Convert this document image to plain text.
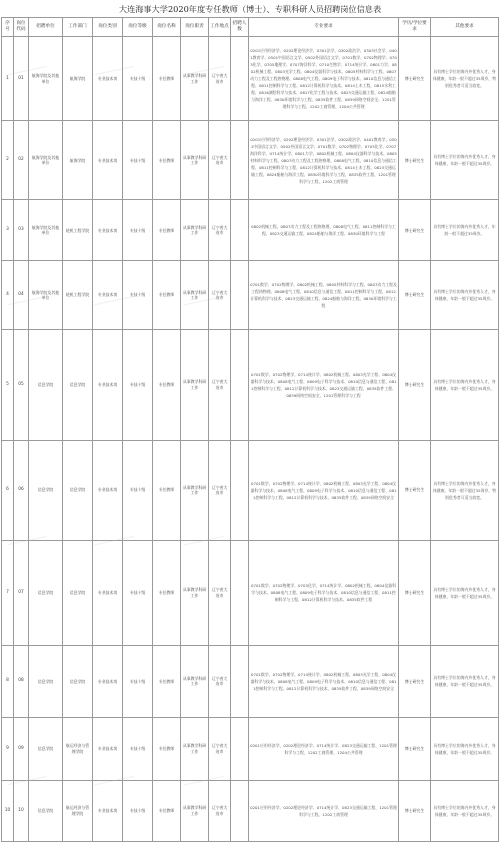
大连海事大学2020年度专任教师（博士）、专职科研人员招聘岗位信息表
序号	岗位代码	招聘单位	工作部门	岗位类别	岗位等级	岗位名称	岗位职责	工作地点	招聘人数	专业要求	学历/学位要求	其他要求
1	01	航海学院及其他单位	航海学院	专业技术岗	专技十级	专任教师	从事教学科研工作	辽宁省大连市		0201应用经济学、0202理论经济学、0301法学、0302政治学、0303社会学、0401教育学、0501中国语言文学、0502外国语言文学、0701数学、0702物理学、0703化学、0705地理学、0707海洋科学、0710生物学、0714统计学、0801力学、0802机械工程、0803光学工程、0804仪器科学与技术、0805材料科学与工程、0807动力工程及工程热物理、0808电气工程、0809电子科学与技术、0810信息与通信工程、0811控制科学与工程、0812计算机科学与技术、0814土木工程、0815水利工程、0816测绘科学与技术、0817化学工程与技术、0823交通运输工程、0824船舶与海洋工程、0830环境科学与工程、0835软件工程、0839网络空间安全、1201管理科学与工程、1202工商管理、1204公共管理	博士研究生	具有博士学位的海内外优秀人才，身体健康，年龄一般不超过35周岁，特别优秀者可适当放宽。
2	02	航海学院及其他单位	航海学院	专业技术岗	专技十级	专任教师	从事教学科研工作	辽宁省大连市		0201应用经济学、0202理论经济学、0301法学、0302政治学、0401教育学、0501中国语言文学、0502外国语言文学、0701数学、0702物理学、0703化学、0707海洋科学、0714统计学、0801力学、0802机械工程、0804仪器科学与技术、0805材料科学与工程、0807动力工程及工程热物理、0808电气工程、0810信息与通信工程、0811控制科学与工程、0812计算机科学与技术、0814土木工程、0823交通运输工程、0824船舶与海洋工程、0830环境科学与工程、0835软件工程、1201管理科学与工程、1202工商管理	博士研究生	具有博士学位的海内外优秀人才，身体健康，年龄一般不超过35周岁。
3	03	航海学院及其他单位	轮机工程学院	专业技术岗	专技十级	专任教师	从事教学科研工作	辽宁省大连市		0802机械工程、0807动力工程及工程热物理、0808电气工程、0811控制科学与工程、0823交通运输工程、0824船舶与海洋工程、0830环境科学与工程	博士研究生	具有博士学位的海内外优秀人才，年龄一般不超过35周岁。
4	04	航海学院及其他单位	轮机工程学院	专业技术岗	专技十级	专任教师	从事教学科研工作	辽宁省大连市		0701数学、0702物理学、0802机械工程、0805材料科学与工程、0807动力工程及工程热物理、0808电气工程、0810信息与通信工程、0811控制科学与工程、0812计算机科学与技术、0823交通运输工程、0824船舶与海洋工程、0830环境科学与工程	博士研究生	具有博士学位的海内外优秀人才，身体健康，年龄一般不超过35周岁。
5	05	信息学院	信息学院	专业技术岗	专技十级	专任教师	从事教学科研工作	辽宁省大连市		0701数学、0702物理学、0714统计学、0802机械工程、0803光学工程、0804仪器科学与技术、0808电气工程、0809电子科学与技术、0810信息与通信工程、0811控制科学与工程、0812计算机科学与技术、0823交通运输工程、0835软件工程、0839网络空间安全、1201管理科学与工程	博士研究生	具有博士学位的海内外优秀人才，身体健康，年龄一般不超过35周岁。
6	06	信息学院	信息学院	专业技术岗	专技十级	专任教师	从事教学科研工作	辽宁省大连市		0701数学、0702物理学、0714统计学、0802机械工程、0803光学工程、0804仪器科学与技术、0808电气工程、0809电子科学与技术、0810信息与通信工程、0811控制科学与工程、0812计算机科学与技术、0835软件工程、0839网络空间安全	博士研究生	具有博士学位的海内外优秀人才，身体健康，年龄一般不超过35周岁，特别优秀者可适当放宽。
7	07	信息学院	信息学院	专业技术岗	专技十级	专任教师	从事教学科研工作	辽宁省大连市		0701数学、0702物理学、0703化学、0714统计学、0802机械工程、0804仪器科学与技术、0808电气工程、0809电子科学与技术、0810信息与通信工程、0811控制科学与工程、0812计算机科学与技术、0835软件工程	博士研究生	具有博士学位的海内外优秀人才，身体健康，年龄一般不超过35周岁。
8	08	信息学院	信息学院	专业技术岗	专技十级	专任教师	从事教学科研工作	辽宁省大连市		0701数学、0702物理学、0714统计学、0802机械工程、0803光学工程、0804仪器科学与技术、0808电气工程、0809电子科学与技术、0810信息与通信工程、0811控制科学与工程、0812计算机科学与技术、0835软件工程、0839网络空间安全	博士研究生	具有博士学位的海内外优秀人才，身体健康，年龄一般不超过35周岁。
9	09	信息学院	航运经济与管理学院	专业技术岗	专技十级	专任教师	从事教学科研工作	辽宁省大连市		0201应用经济学、0202理论经济学、0714统计学、0823交通运输工程、1201管理科学与工程、1202工商管理、1204公共管理	博士研究生	具有博士学位的海内外优秀人才，身体健康，年龄一般不超过35周岁。
10	10	信息学院	航运经济与管理学院	专业技术岗	专技十级	专任教师	从事教学科研工作	辽宁省大连市		0201应用经济学、0202理论经济学、0714统计学、0823交通运输工程、1201管理科学与工程、1202工商管理	博士研究生	具有博士学位的海内外优秀人才，身体健康，年龄一般不超过35周岁。
